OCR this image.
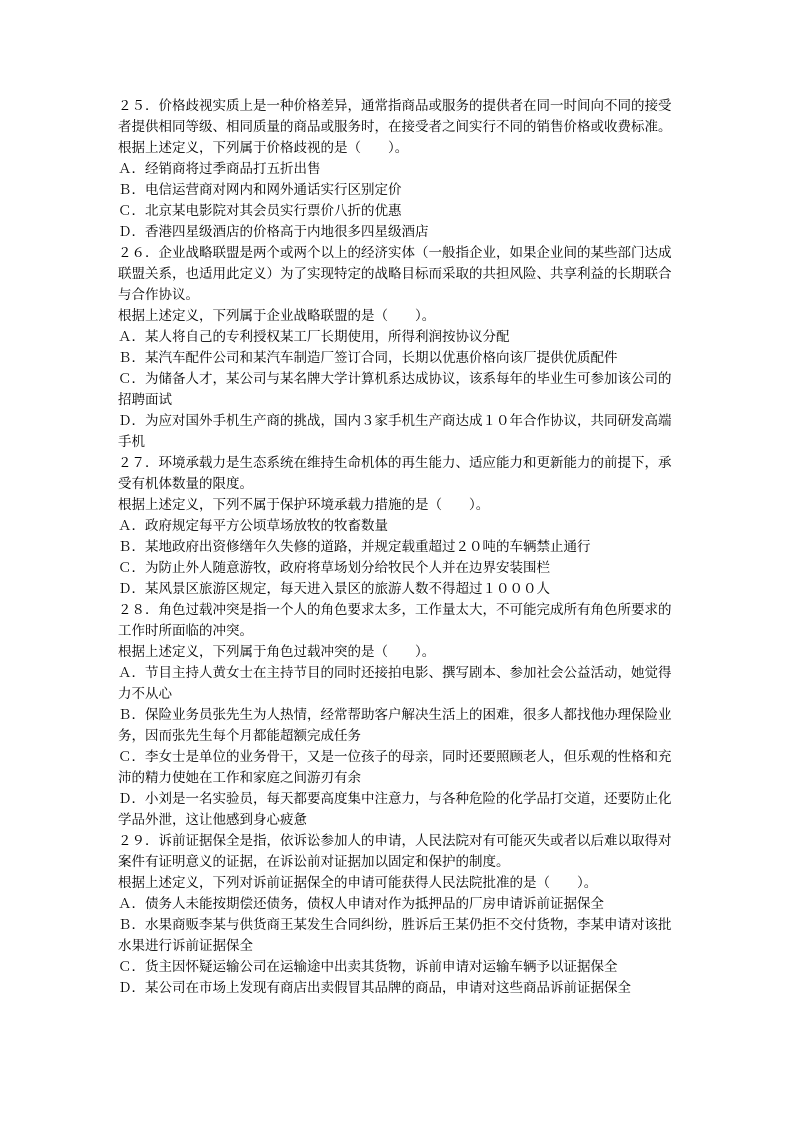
２５．价格歧视实质上是一种价格差异，通常指商品或服务的提供者在同一时间向不同的接受者提供相同等级、相同质量的商品或服务时，在接受者之间实行不同的销售价格或收费标准。

根据上述定义，下列属于价格歧视的是（　　）。

Ａ．经销商将过季商品打五折出售

Ｂ．电信运营商对网内和网外通话实行区别定价

Ｃ．北京某电影院对其会员实行票价八折的优惠

Ｄ．香港四星级酒店的价格高于内地很多四星级酒店

２６．企业战略联盟是两个或两个以上的经济实体（一般指企业，如果企业间的某些部门达成联盟关系，也适用此定义）为了实现特定的战略目标而采取的共担风险、共享利益的长期联合与合作协议。

根据上述定义，下列属于企业战略联盟的是（　　）。

Ａ．某人将自己的专利授权某工厂长期使用，所得利润按协议分配

Ｂ．某汽车配件公司和某汽车制造厂签订合同，长期以优惠价格向该厂提供优质配件

Ｃ．为储备人才，某公司与某名牌大学计算机系达成协议，该系每年的毕业生可参加该公司的招聘面试

Ｄ．为应对国外手机生产商的挑战，国内３家手机生产商达成１０年合作协议，共同研发高端手机

２７．环境承载力是生态系统在维持生命机体的再生能力、适应能力和更新能力的前提下，承受有机体数量的限度。

根据上述定义，下列不属于保护环境承载力措施的是（　　）。

Ａ．政府规定每平方公顷草场放牧的牧畜数量

Ｂ．某地政府出资修缮年久失修的道路，并规定载重超过２０吨的车辆禁止通行

Ｃ．为防止外人随意游牧，政府将草场划分给牧民个人并在边界安装围栏

Ｄ．某风景区旅游区规定，每天进入景区的旅游人数不得超过１０００人

２８．角色过载冲突是指一个人的角色要求太多，工作量太大，不可能完成所有角色所要求的工作时所面临的冲突。

根据上述定义，下列属于角色过载冲突的是（　　）。

Ａ．节目主持人黄女士在主持节目的同时还接拍电影、撰写剧本、参加社会公益活动，她觉得力不从心

Ｂ．保险业务员张先生为人热情，经常帮助客户解决生活上的困难，很多人都找他办理保险业务，因而张先生每个月都能超额完成任务

Ｃ．李女士是单位的业务骨干，又是一位孩子的母亲，同时还要照顾老人，但乐观的性格和充沛的精力使她在工作和家庭之间游刃有余

Ｄ．小刘是一名实验员，每天都要高度集中注意力，与各种危险的化学品打交道，还要防止化学品外泄，这让他感到身心疲惫

２９．诉前证据保全是指，依诉讼参加人的申请，人民法院对有可能灭失或者以后难以取得对案件有证明意义的证据，在诉讼前对证据加以固定和保护的制度。

根据上述定义，下列对诉前证据保全的申请可能获得人民法院批准的是（　　）。

Ａ．债务人未能按期偿还债务，债权人申请对作为抵押品的厂房申请诉前证据保全

Ｂ．水果商贩李某与供货商王某发生合同纠纷，胜诉后王某仍拒不交付货物，李某申请对该批水果进行诉前证据保全

Ｃ．货主因怀疑运输公司在运输途中出卖其货物，诉前申请对运输车辆予以证据保全

Ｄ．某公司在市场上发现有商店出卖假冒其品牌的商品，申请对这些商品诉前证据保全
